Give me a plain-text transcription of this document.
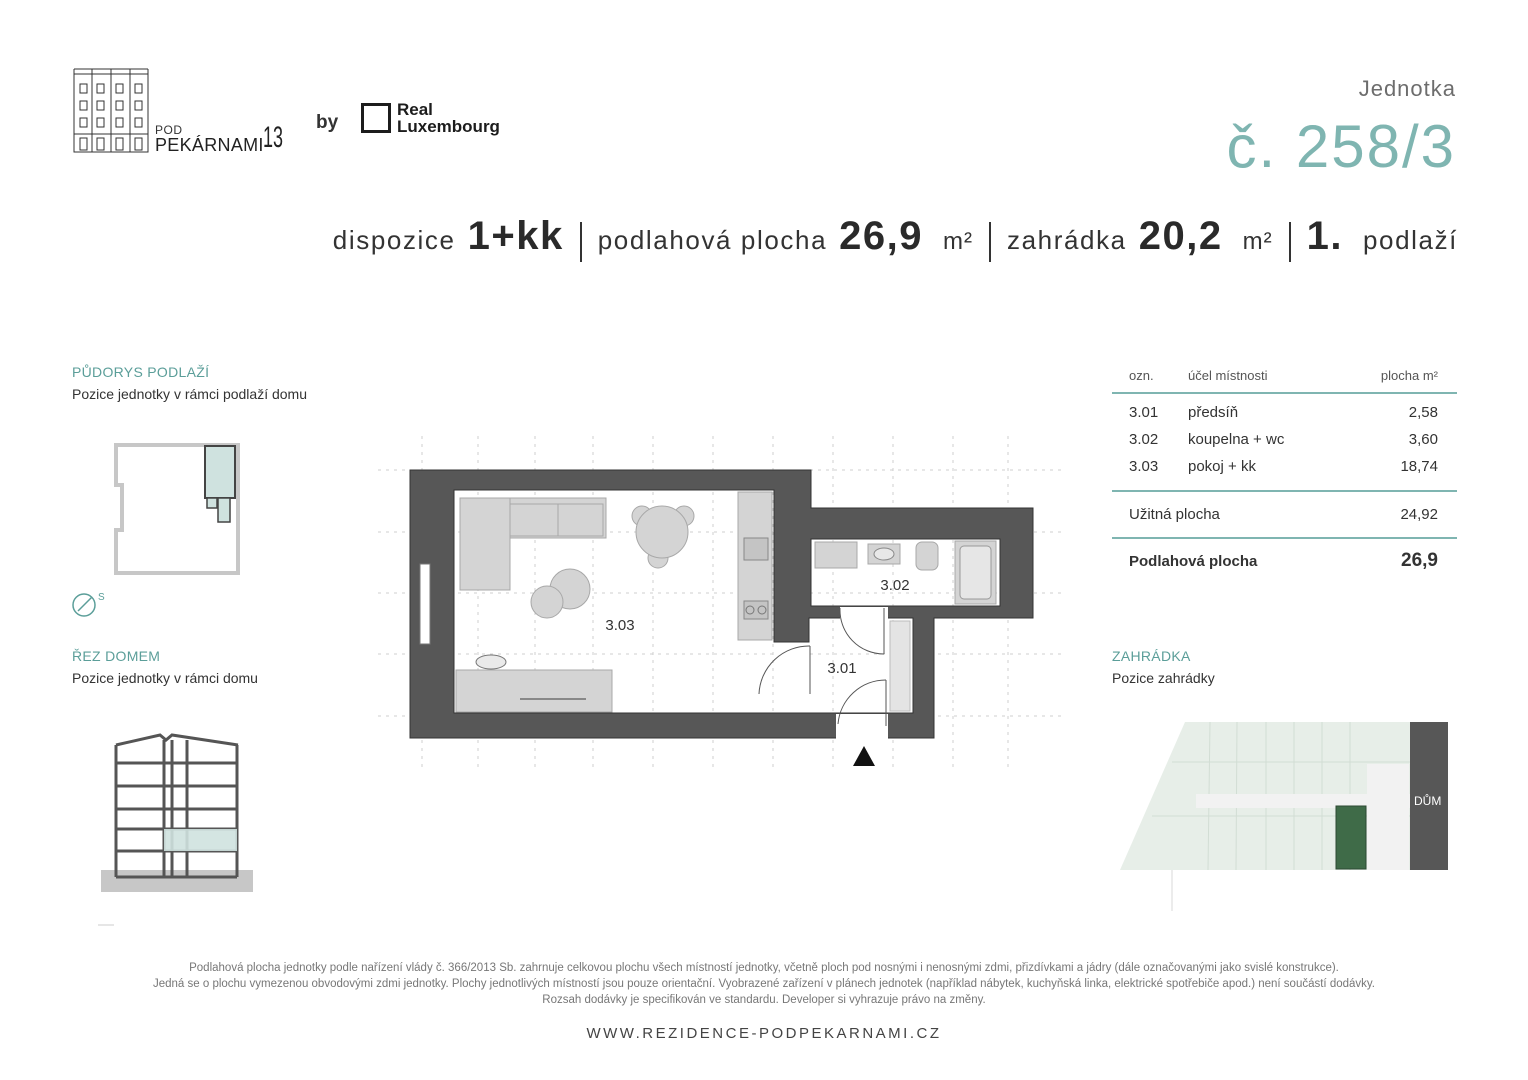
POD
PEKÁRNAMI 13 by
Real
Luxembourg
Jednotka
č. 258/3
dispozice 1+kk podlahová plocha 26,9 m² zahrádka 20,2 m² 1. podlaží
PŮDORYS PODLAŽÍ
Pozice jednotky v rámci podlaží domu
S
ŘEZ DOMEM
Pozice jednotky v rámci domu
3.03
3.02
3.01
ozn.	účel místnosti	plocha m²
3.01 předsíň	2,58
3.02 koupelna + wc	3,60
3.03 pokoj + kk	18,74
Užitná plocha	24,92
Podlahová plocha	26,9
ZAHRÁDKA
Pozice zahrádky
DŮM
Podlahová plocha jednotky podle nařízení vlády č. 366/2013 Sb. zahrnuje celkovou plochu všech místností jednotky, včetně ploch pod nosnými i nenosnými zdmi, přizdívkami a jádry (dále označovanými jako svislé konstrukce).
Jedná se o plochu vymezenou obvodovými zdmi jednotky. Plochy jednotlivých místností jsou pouze orientační. Vyobrazené zařízení v plánech jednotek (například nábytek, kuchyňská linka, elektrické spotřebiče apod.) není součástí dodávky.
Rozsah dodávky je specifikován ve standardu. Developer si vyhrazuje právo na změny.
WWW.REZIDENCE-PODPEKARNAMI.CZ
